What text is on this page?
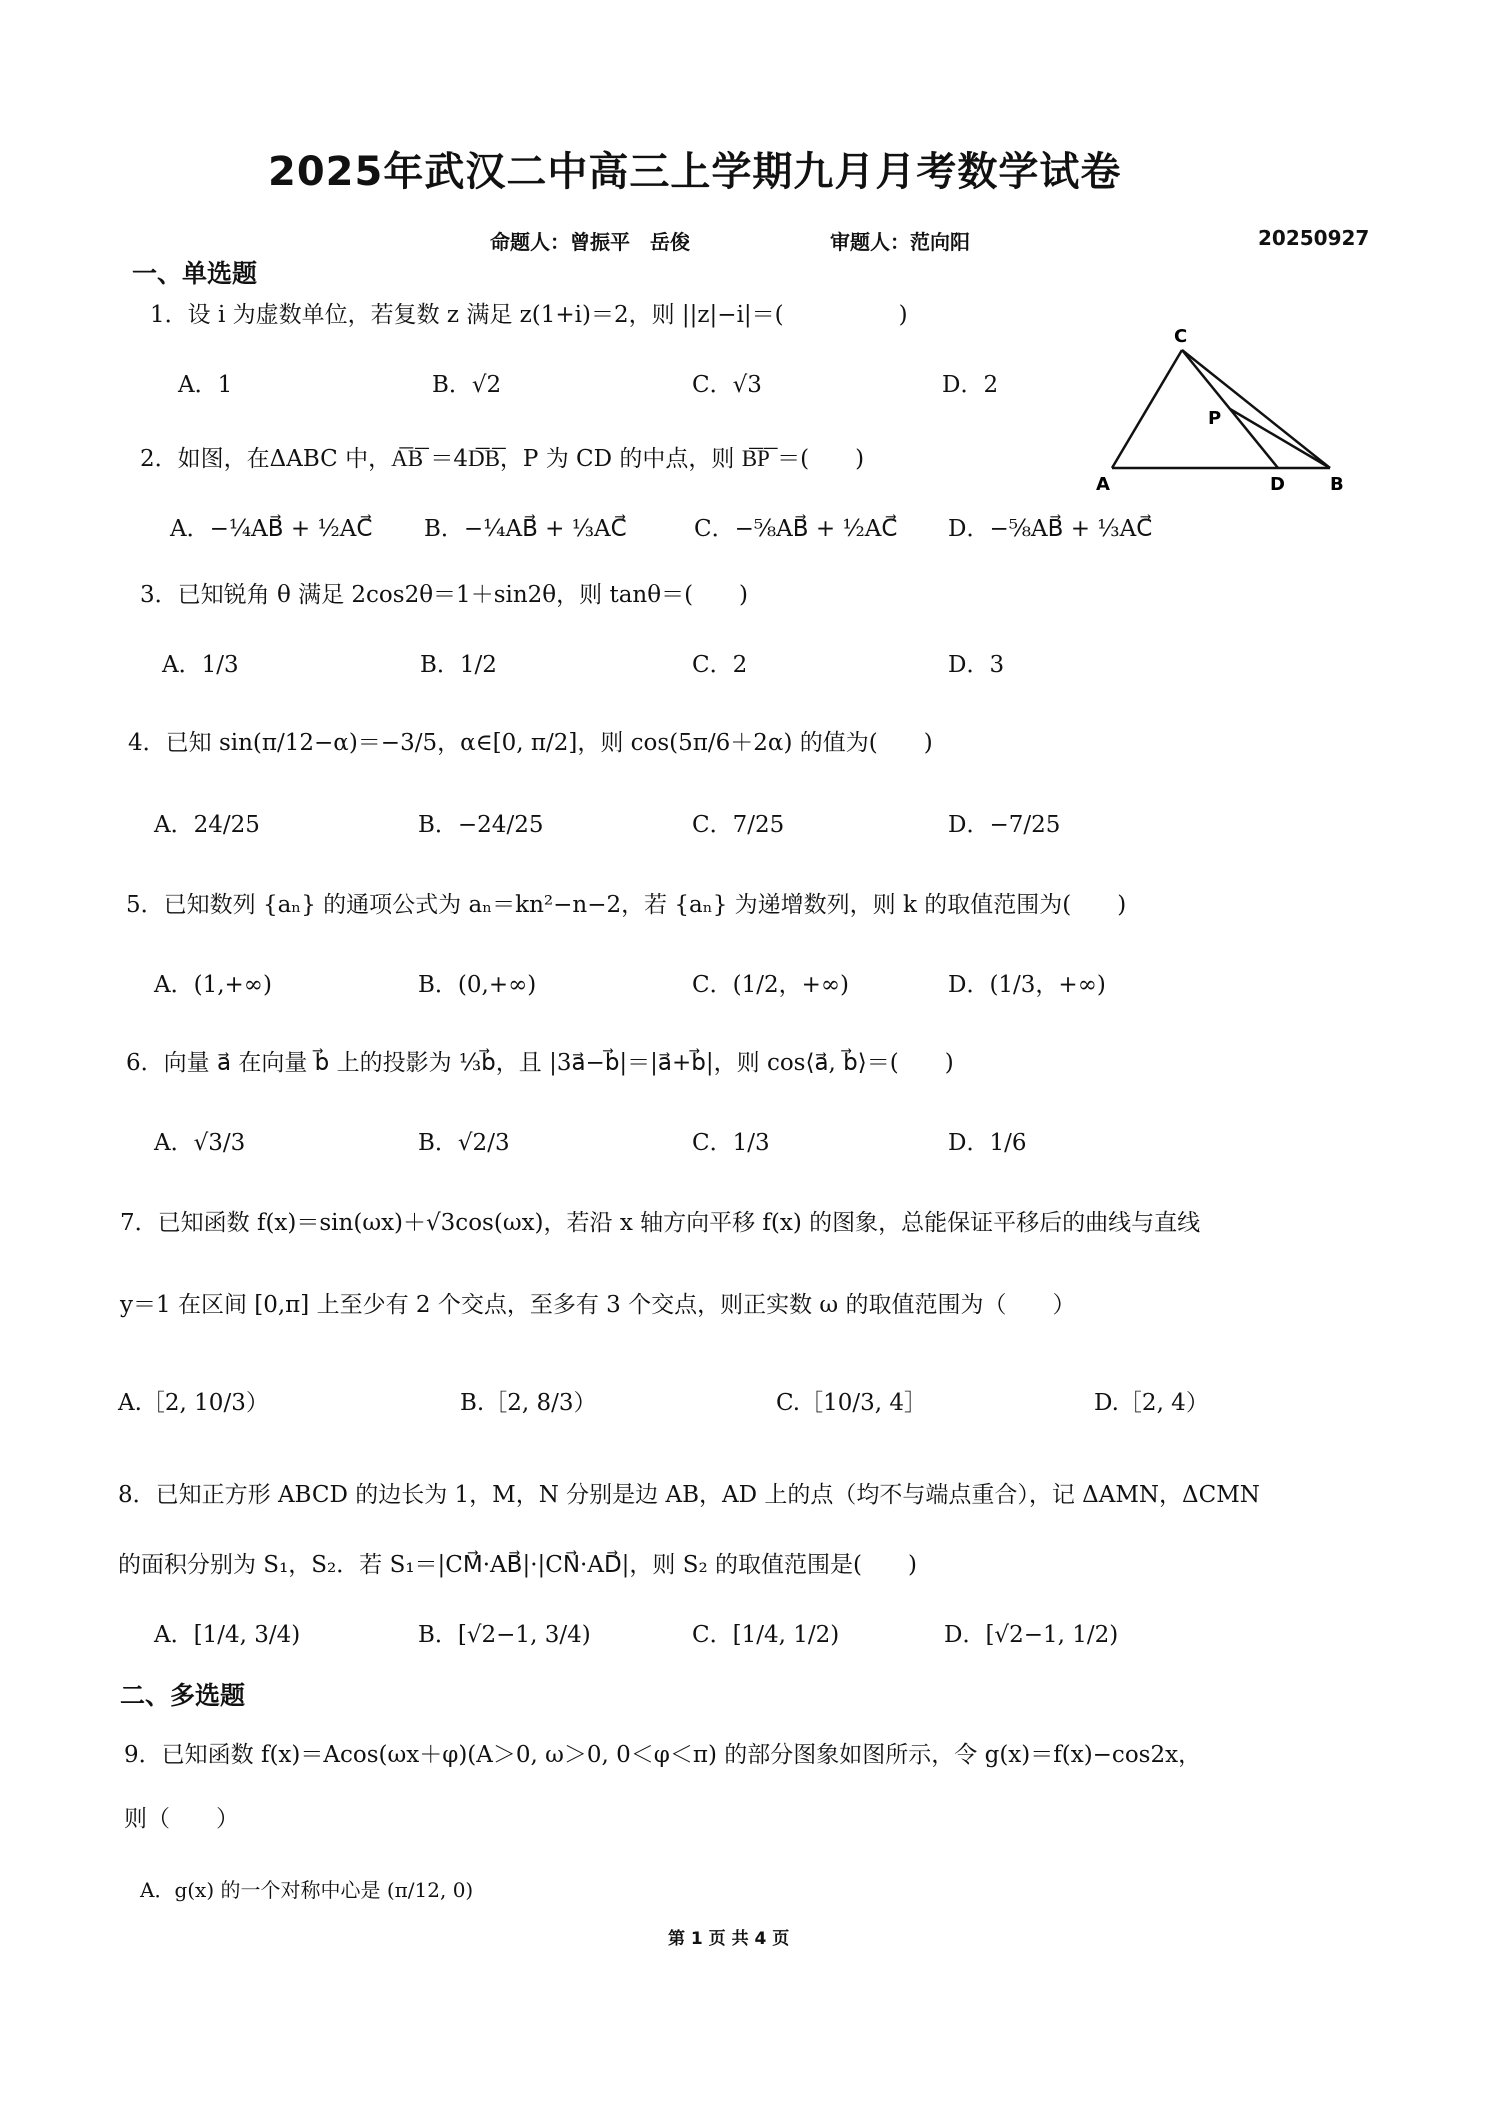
2025年武汉二中高三上学期九月月考数学试卷
命题人：曾振平　岳俊	审题人：范向阳	20250927
一、单选题
1．设 i 为虚数单位，若复数 z 满足 z(1+i)＝2，则 ||z|−i|＝(　　　　　)
A．1	B．√2	C．√3	D．2
C
P
A	D	B
2．如图，在ΔABC 中，A͞B͞ ＝4D͞B͞，P 为 CD 的中点，则 B͞P͞ ＝(　　)
A．−¼AB⃗ + ½AC⃗ B．−¼AB⃗ + ⅓AC⃗	C．−⅝AB⃗ + ½AC⃗ D．−⅝AB⃗ + ⅓AC⃗
3．已知锐角 θ 满足 2cos2θ＝1＋sin2θ，则 tanθ＝(　　)
A．1/3	B．1/2	C．2	D．3
4．已知 sin(π/12−α)＝−3/5，α∈[0, π/2]，则 cos(5π/6＋2α) 的值为(　　)
A．24/25	B．−24/25	C．7/25	D．−7/25
5．已知数列 {aₙ} 的通项公式为 aₙ＝kn²−n−2，若 {aₙ} 为递增数列，则 k 的取值范围为(　　)
A．(1,+∞)	B．(0,+∞)	C．(1/2，+∞)	D．(1/3，+∞)
6．向量 a⃗ 在向量 b⃗ 上的投影为 ⅓b⃗，且 |3a⃗−b⃗|＝|a⃗+b⃗|，则 cos⟨a⃗, b⃗⟩＝(　　)
A．√3/3	B．√2/3	C．1/3	D．1/6
7．已知函数 f(x)＝sin(ωx)＋√3cos(ωx)，若沿 x 轴方向平移 f(x) 的图象，总能保证平移后的曲线与直线
y＝1 在区间 [0,π] 上至少有 2 个交点，至多有 3 个交点，则正实数 ω 的取值范围为（　　）
A.［2, 10/3）	B.［2, 8/3）	C.［10/3, 4］	D.［2, 4）
8．已知正方形 ABCD 的边长为 1，M，N 分别是边 AB，AD 上的点（均不与端点重合），记 ΔAMN，ΔCMN
的面积分别为 S₁，S₂．若 S₁＝|CM⃗·AB⃗|·|CN⃗·AD⃗|，则 S₂ 的取值范围是(　　)
A．[1/4, 3/4)	B．[√2−1, 3/4)	C．[1/4, 1/2)	D．[√2−1, 1/2)
二、多选题
9．已知函数 f(x)＝Acos(ωx＋φ)(A＞0, ω＞0, 0＜φ＜π) 的部分图象如图所示，令 g(x)＝f(x)−cos2x，
则（　　）
A．g(x) 的一个对称中心是 (π/12, 0)
第 1 页 共 4 页
